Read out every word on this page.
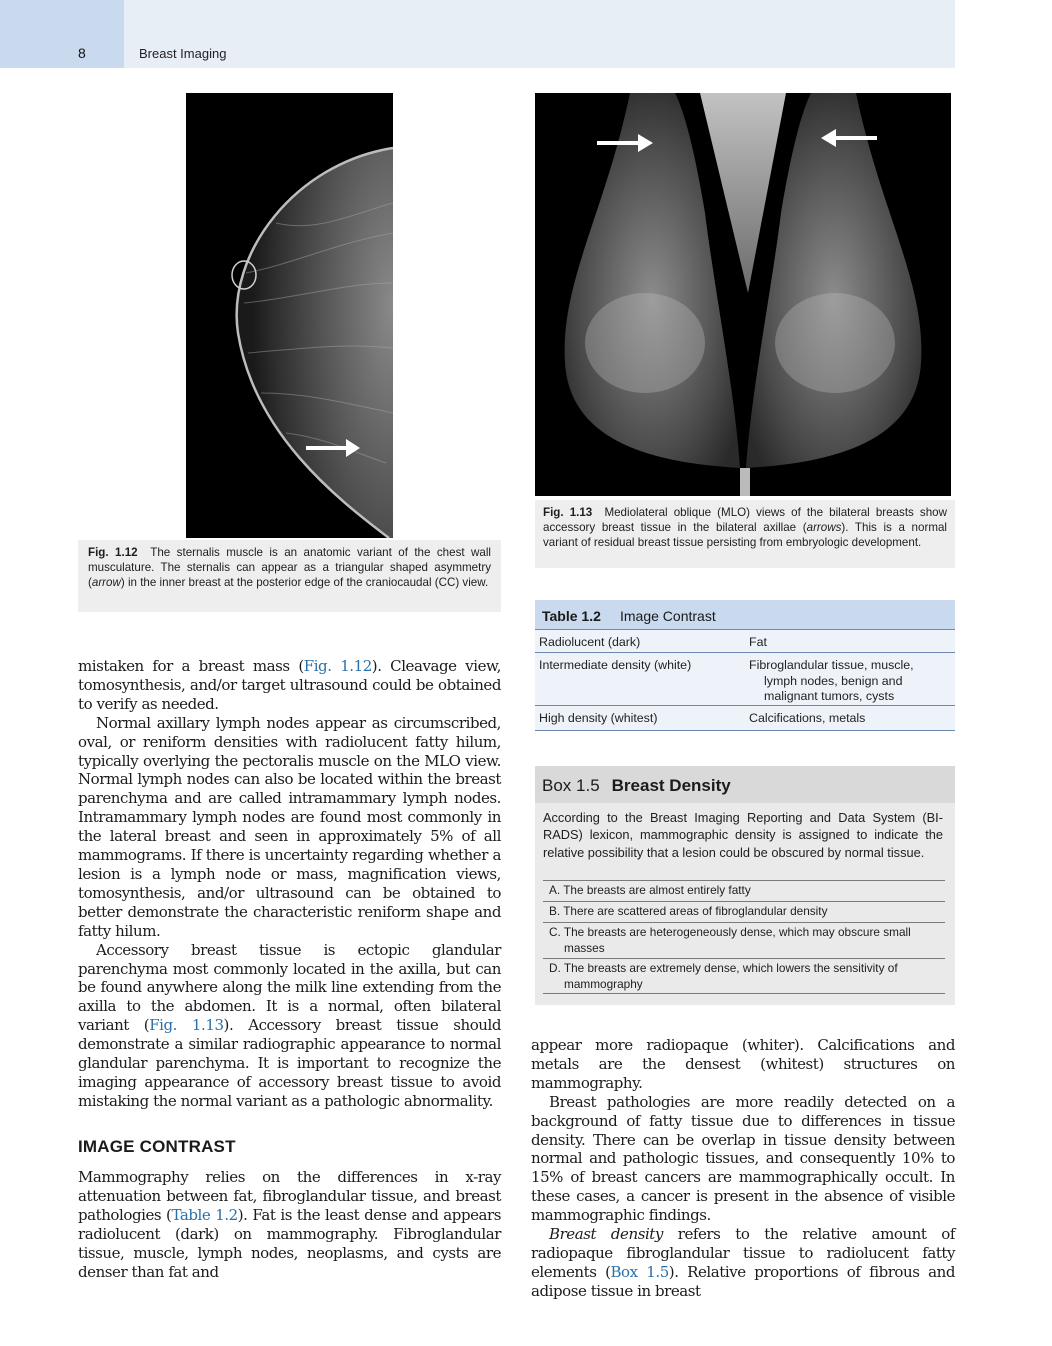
8	Breast Imaging
Fig. 1.12 The sternalis muscle is an anatomic variant of the chest wall musculature. The sternalis can appear as a triangular shaped asymmetry (arrow) in the inner breast at the posterior edge of the craniocaudal (CC) view.
Fig. 1.13 Mediolateral oblique (MLO) views of the bilateral breasts show accessory breast tissue in the bilateral axillae (arrows). This is a normal variant of residual breast tissue persisting from embryologic development.
Table 1.2 Image Contrast
Radiolucent (dark)	Fat
Intermediate density (white)	Fibroglandular tissue, muscle,
lymph nodes, benign and
malignant tumors, cysts
High density (whitest)	Calcifications, metals
Box 1.5 Breast Density
According to the Breast Imaging Reporting and Data System (BI-RADS) lexicon, mammographic density is assigned to indicate the relative possibility that a lesion could be obscured by normal tissue.
A. The breasts are almost entirely fatty
B. There are scattered areas of fibroglandular density
C. The breasts are heterogeneously dense, which may obscure small
masses
D. The breasts are extremely dense, which lowers the sensitivity of
mammography

mistaken for a breast mass (Fig. 1.12). Cleavage view, tomosynthesis, and/or target ultrasound could be obtained to verify as needed.

Normal axillary lymph nodes appear as circumscribed, oval, or reniform densities with radiolucent fatty hilum, typically overlying the pectoralis muscle on the MLO view. Normal lymph nodes can also be located within the breast parenchyma and are called intramammary lymph nodes. Intramammary lymph nodes are found most commonly in the lateral breast and seen in approximately 5% of all mammograms. If there is uncertainty regarding whether a lesion is a lymph node or mass, magnification views, tomosynthesis, and/or ultrasound can be obtained to better demonstrate the characteristic reniform shape and fatty hilum.

Accessory breast tissue is ectopic glandular parenchyma most commonly located in the axilla, but can be found anywhere along the milk line extending from the axilla to the abdomen. It is a normal, often bilateral variant (Fig. 1.13). Accessory breast tissue should demonstrate a similar radiographic appearance to normal glandular parenchyma. It is important to recognize the imaging appearance of accessory breast tissue to avoid mistaking the normal variant as a pathologic abnormality.

IMAGE CONTRAST

Mammography relies on the differences in x-ray attenuation between fat, fibroglandular tissue, and breast pathologies (Table 1.2). Fat is the least dense and appears radiolucent (dark) on mammography. Fibroglandular tissue, muscle, lymph nodes, neoplasms, and cysts are denser than fat and

appear more radiopaque (whiter). Calcifications and metals are the densest (whitest) structures on mammography.

Breast pathologies are more readily detected on a background of fatty tissue due to differences in tissue density. There can be overlap in tissue density between normal and pathologic tissues, and consequently 10% to 15% of breast cancers are mammographically occult. In these cases, a cancer is present in the absence of visible mammographic findings.

Breast density refers to the relative amount of radiopaque fibroglandular tissue to radiolucent fatty elements (Box 1.5). Relative proportions of fibrous and adipose tissue in breast
